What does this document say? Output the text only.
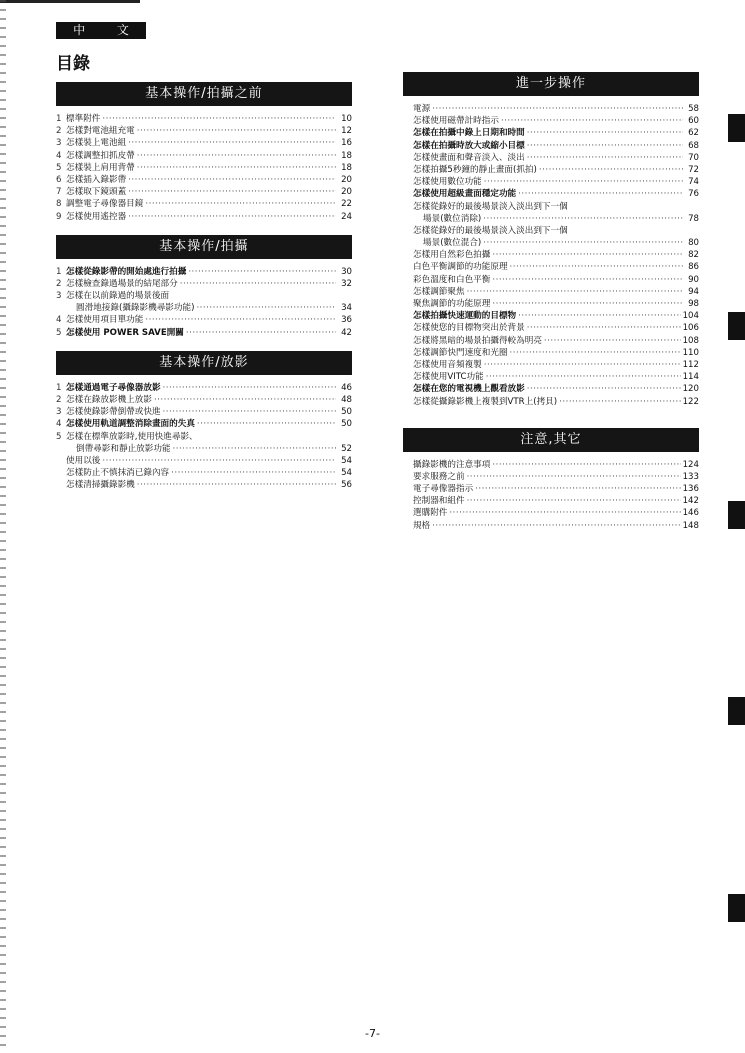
中 文
目錄
基本操作/拍攝之前
1 標準附件 ·····	10
2 怎樣對電池組充電 ·····	12
3 怎樣裝上電池組 ·····	16
4 怎樣調整扣抓皮帶 ·····	18
5 怎樣裝上肩用背帶 ·····	18
6 怎樣插入錄影帶 ·····	20
7 怎樣取下鏡頭蓋 ·····	20
8 調整電子尋像器目鏡 ·····	22
9 怎樣使用遙控器 ·····	24
基本操作/拍攝
1 怎樣從錄影帶的開始處進行拍攝 ·····	30
2 怎樣檢查錄過場景的結尾部分 ·····	32
3 怎樣在以前錄過的場景後面
圓滑地接錄(攝錄影機尋影功能) ·····	34
4 怎樣使用項目單功能 ·····	36
5 怎樣使用 POWER SAVE開關 ·····	42
基本操作/放影
1 怎樣通過電子尋像器放影 ·····	46
2 怎樣在錄放影機上放影 ·····	48
3 怎樣使錄影帶倒帶或快進 ·····	50
4 怎樣使用軌道調整消除畫面的失真 ·····	50
5 怎樣在標準放影時,使用快進尋影、
倒帶尋影和靜止放影功能 ·····	52
使用以後 ·····	54
怎樣防止不慎抹消已錄內容 ·····	54
怎樣清掃攝錄影機 ·····	56
進一步操作
電源 ·····	58
怎樣使用磁帶計時指示 ·····	60
怎樣在拍攝中錄上日期和時間 ·····	62
怎樣在拍攝時放大或縮小目標 ·····	68
怎樣使畫面和聲音淡入、淡出 ·····	70
怎樣拍攝5秒鐘的靜止畫面(抓拍) ·····	72
怎樣使用數位功能 ·····	74
怎樣使用超級畫面穩定功能 ·····	76
怎樣從錄好的最後場景淡入淡出到下一個
場景(數位消除) ·····	78
怎樣從錄好的最後場景淡入淡出到下一個
場景(數位混合) ·····	80
怎樣用自然彩色拍攝 ·····	82
白色平衡調節的功能原理 ·····	86
彩色溫度和白色平衡 ·····	90
怎樣調節聚焦 ·····	94
聚焦調節的功能原理 ·····	98
怎樣拍攝快速運動的目標物 ·····	104
怎樣使您的目標物突出於背景 ·····	106
怎樣將黑暗的場景拍攝得較為明亮 ·····	108
怎樣調節快門速度和光圈 ·····	110
怎樣使用音頻複製 ·····	112
怎樣使用VITC功能 ·····	114
怎樣在您的電視機上觀看放影 ·····	120
怎樣從攝錄影機上複製到VTR上(拷貝) ·····	122
注意,其它
攝錄影機的注意事項 ·····	124
要求服務之前 ·····	133
電子尋像器指示 ·····	136
控制器和組件 ·····	142
選購附件 ·····	146
規格 ·····	148
-7-
